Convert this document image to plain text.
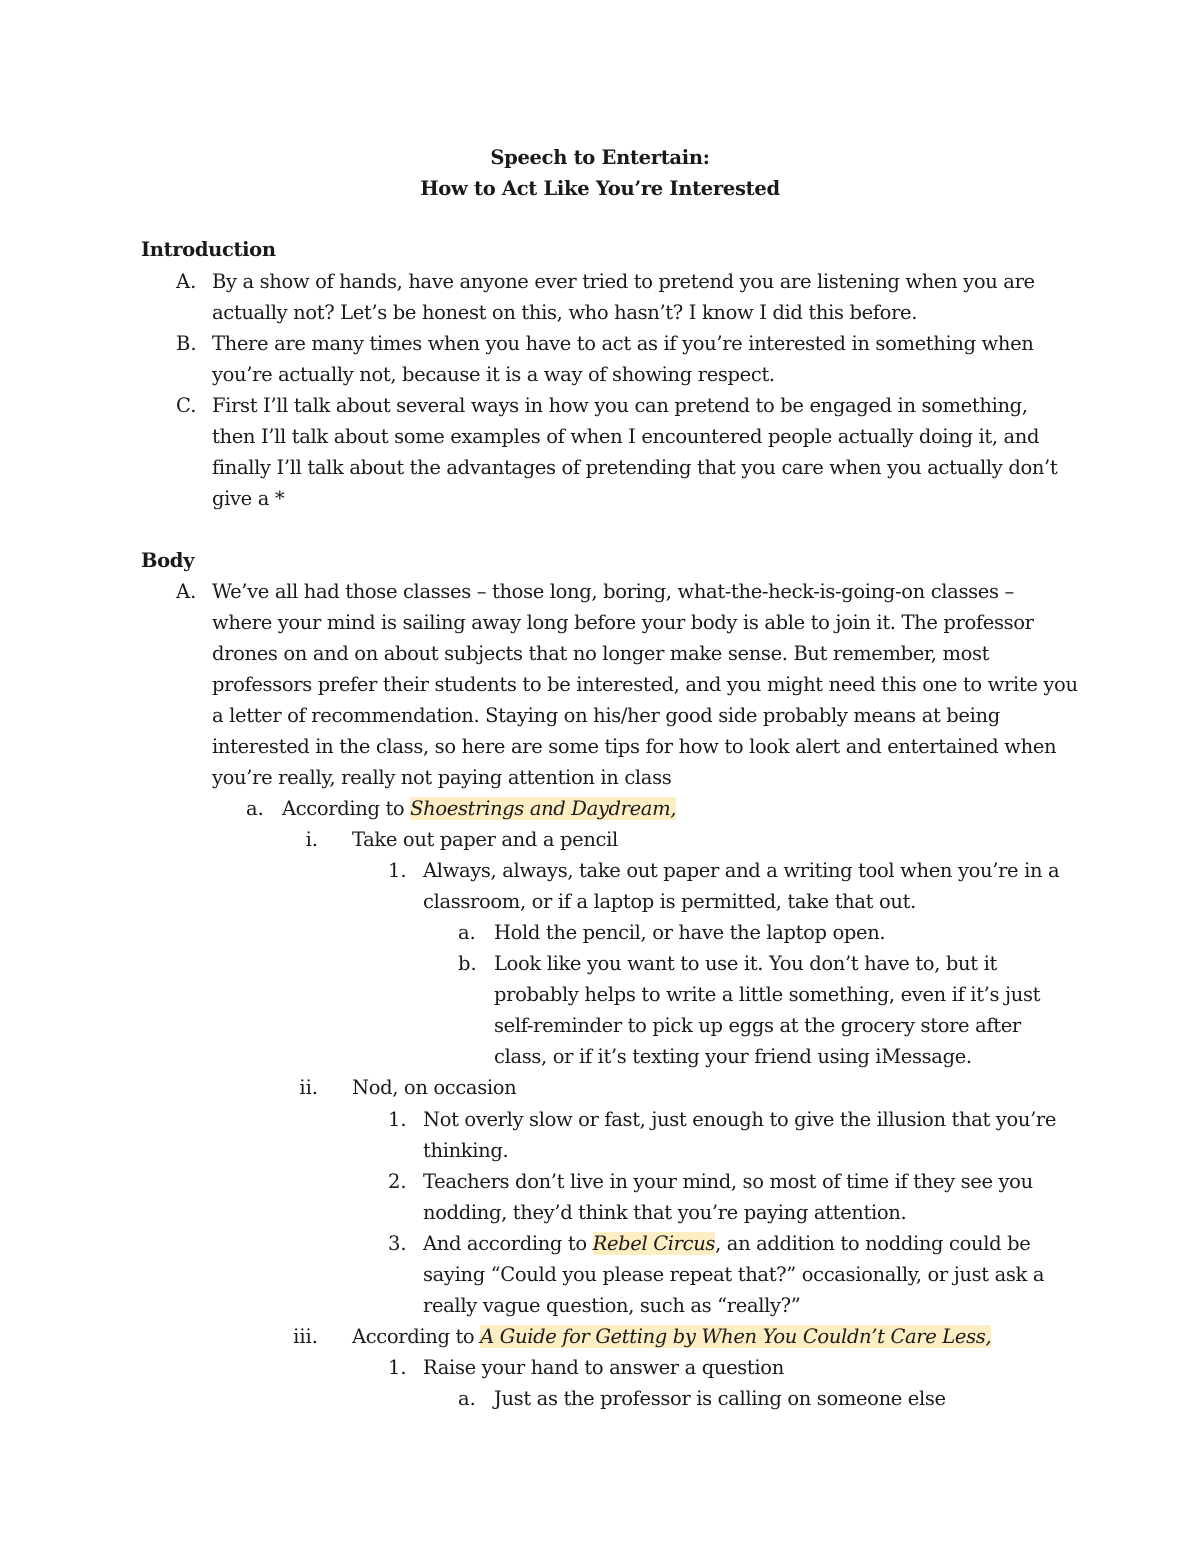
Speech to Entertain:
How to Act Like You’re Interested
Introduction
A. By a show of hands, have anyone ever tried to pretend you are listening when you are
actually not? Let’s be honest on this, who hasn’t? I know I did this before.
B. There are many times when you have to act as if you’re interested in something when
you’re actually not, because it is a way of showing respect.
C. First I’ll talk about several ways in how you can pretend to be engaged in something,
then I’ll talk about some examples of when I encountered people actually doing it, and
finally I’ll talk about the advantages of pretending that you care when you actually don’t
give a *
Body
A. We’ve all had those classes – those long, boring, what-the-heck-is-going-on classes –
where your mind is sailing away long before your body is able to join it. The professor
drones on and on about subjects that no longer make sense. But remember, most
professors prefer their students to be interested, and you might need this one to write you
a letter of recommendation. Staying on his/her good side probably means at being
interested in the class, so here are some tips for how to look alert and entertained when
you’re really, really not paying attention in class
a. According to Shoestrings and Daydream,
i. Take out paper and a pencil
1. Always, always, take out paper and a writing tool when you’re in a
classroom, or if a laptop is permitted, take that out.
a. Hold the pencil, or have the laptop open.
b. Look like you want to use it. You don’t have to, but it
probably helps to write a little something, even if it’s just
self-reminder to pick up eggs at the grocery store after
class, or if it’s texting your friend using iMessage.
ii. Nod, on occasion
1. Not overly slow or fast, just enough to give the illusion that you’re
thinking.
2. Teachers don’t live in your mind, so most of time if they see you
nodding, they’d think that you’re paying attention.
3. And according to Rebel Circus, an addition to nodding could be
saying “Could you please repeat that?” occasionally, or just ask a
really vague question, such as “really?”
iii. According to A Guide for Getting by When You Couldn’t Care Less,
1. Raise your hand to answer a question
a. Just as the professor is calling on someone else
